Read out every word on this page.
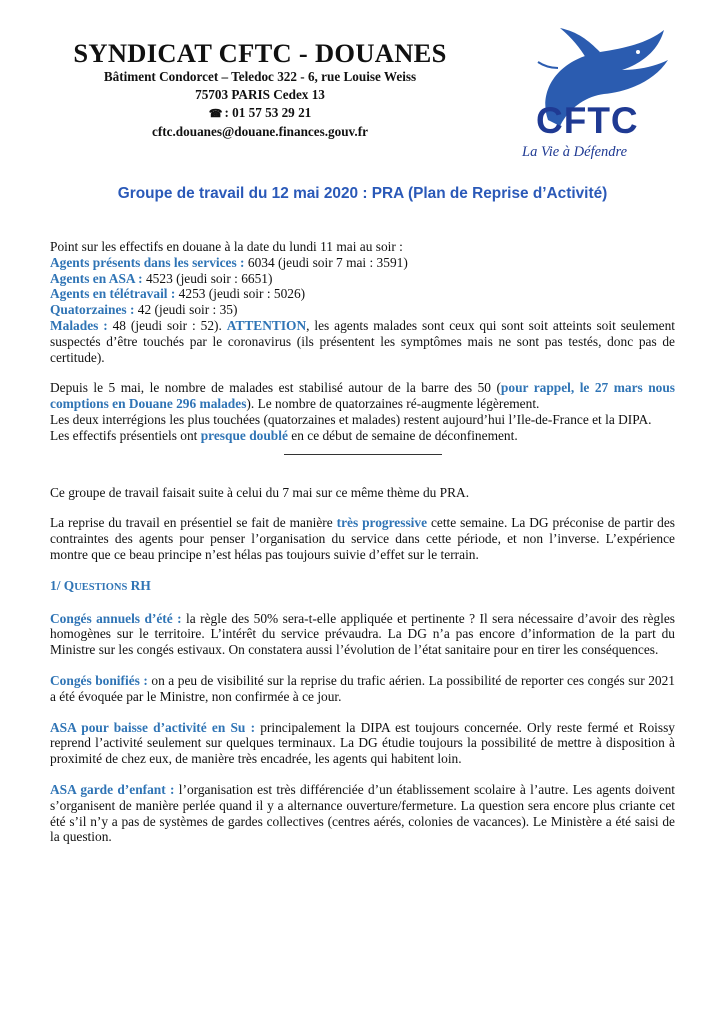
SYNDICAT CFTC - DOUANES
Bâtiment Condorcet – Teledoc 322 - 6, rue Louise Weiss
75703 PARIS Cedex 13
☎ : 01 57 53 29 21
cftc.douanes@douane.finances.gouv.fr	CFTC
La Vie à Défendre
Groupe de travail du 12 mai 2020 : PRA (Plan de Reprise d’Activité)

Point sur les effectifs en douane à la date du lundi 11 mai au soir :

Agents présents dans les services : 6034 (jeudi soir 7 mai : 3591)

Agents en ASA : 4523 (jeudi soir : 6651)

Agents en télétravail : 4253 (jeudi soir : 5026)

Quatorzaines : 42 (jeudi soir : 35)

Malades : 48 (jeudi soir : 52). ATTENTION, les agents malades sont ceux qui sont soit atteints soit seulement suspectés d’être touchés par le coronavirus (ils présentent les symptômes mais ne sont pas testés, donc pas de certitude).

Depuis le 5 mai, le nombre de malades est stabilisé autour de la barre des 50 (pour rappel, le 27 mars nous comptions en Douane 296 malades). Le nombre de quatorzaines ré-augmente légèrement.

Les deux interrégions les plus touchées (quatorzaines et malades) restent aujourd’hui l’Ile-de-France et la DIPA.

Les effectifs présentiels ont presque doublé en ce début de semaine de déconfinement.

Ce groupe de travail faisait suite à celui du 7 mai sur ce même thème du PRA.

La reprise du travail en présentiel se fait de manière très progressive cette semaine. La DG préconise de partir des contraintes des agents pour penser l’organisation du service dans cette période, et non l’inverse. L’expérience montre que ce beau principe n’est hélas pas toujours suivie d’effet sur le terrain.

1/ QUESTIONS RH

Congés annuels d’été : la règle des 50% sera-t-elle appliquée et pertinente ? Il sera nécessaire d’avoir des règles homogènes sur le territoire. L’intérêt du service prévaudra. La DG n’a pas encore d’information de la part du Ministre sur les congés estivaux. On constatera aussi l’évolution de l’état sanitaire pour en tirer les conséquences.

Congés bonifiés : on a peu de visibilité sur la reprise du trafic aérien. La possibilité de reporter ces congés sur 2021 a été évoquée par le Ministre, non confirmée à ce jour.

ASA pour baisse d’activité en Su : principalement la DIPA est toujours concernée. Orly reste fermé et Roissy reprend l’activité seulement sur quelques terminaux. La DG étudie toujours la possibilité de mettre à disposition à proximité de chez eux, de manière très encadrée, les agents qui habitent loin.

ASA garde d’enfant : l’organisation est très différenciée d’un établissement scolaire à l’autre. Les agents doivent s’organisent de manière perlée quand il y a alternance ouverture/fermeture. La question sera encore plus criante cet été s’il n’y a pas de systèmes de gardes collectives (centres aérés, colonies de vacances). Le Ministère a été saisi de la question.
